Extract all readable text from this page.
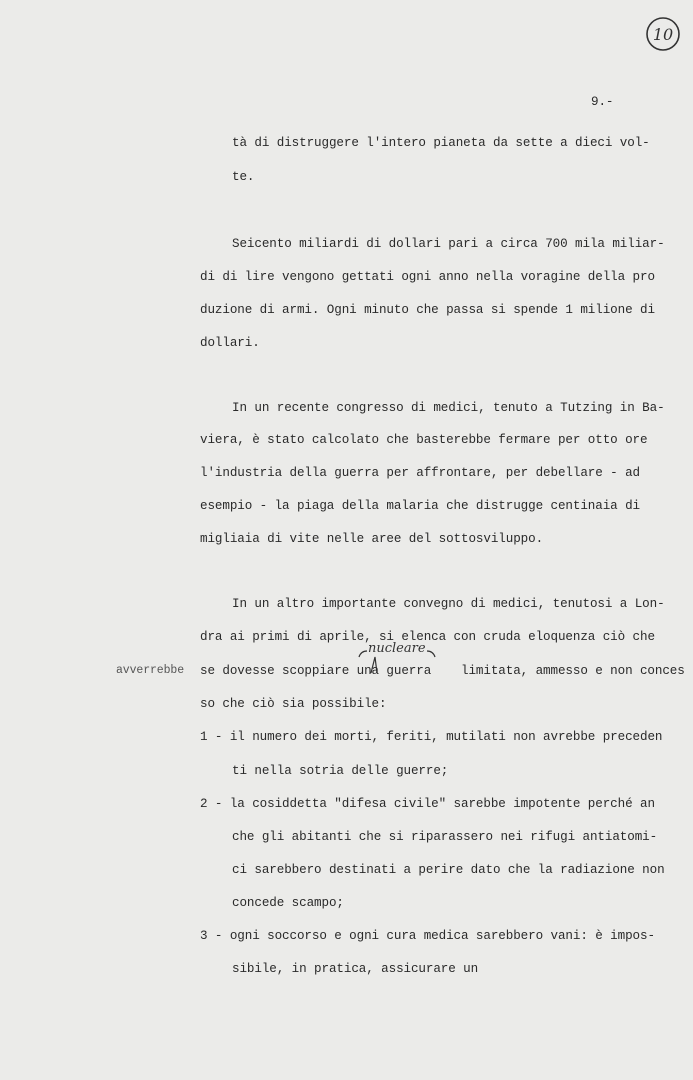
10
9.-
tà di distruggere l'intero pianeta da sette a dieci vol-
te.
Seicento miliardi di dollari pari a circa 700 mila miliar-
di di lire vengono gettati ogni anno nella voragine della pro
duzione di armi. Ogni minuto che passa si spende 1 milione di
dollari.
In un recente congresso di medici, tenuto a Tutzing in Ba-
viera, è stato calcolato che basterebbe fermare per otto ore
l'industria della guerra per affrontare, per debellare - ad
esempio - la piaga della malaria che distrugge centinaia di
migliaia di vite nelle aree del sottosviluppo.
In un altro importante convegno di medici, tenutosi a Lon-
dra ai primi di aprile, si elenca con cruda eloquenza ciò che
nucleare
avverrebbe se dovesse scoppiare una guerra limitata, ammesso e non conces
so che ciò sia possibile:
1 - il numero dei morti, feriti, mutilati non avrebbe preceden
ti nella sotria delle guerre;
2 - la cosiddetta "difesa civile" sarebbe impotente perché an
che gli abitanti che si riparassero nei rifugi antiatomi-
ci sarebbero destinati a perire dato che la radiazione non
concede scampo;
3 - ogni soccorso e ogni cura medica sarebbero vani: è impos-
sibile, in pratica, assicurare un
